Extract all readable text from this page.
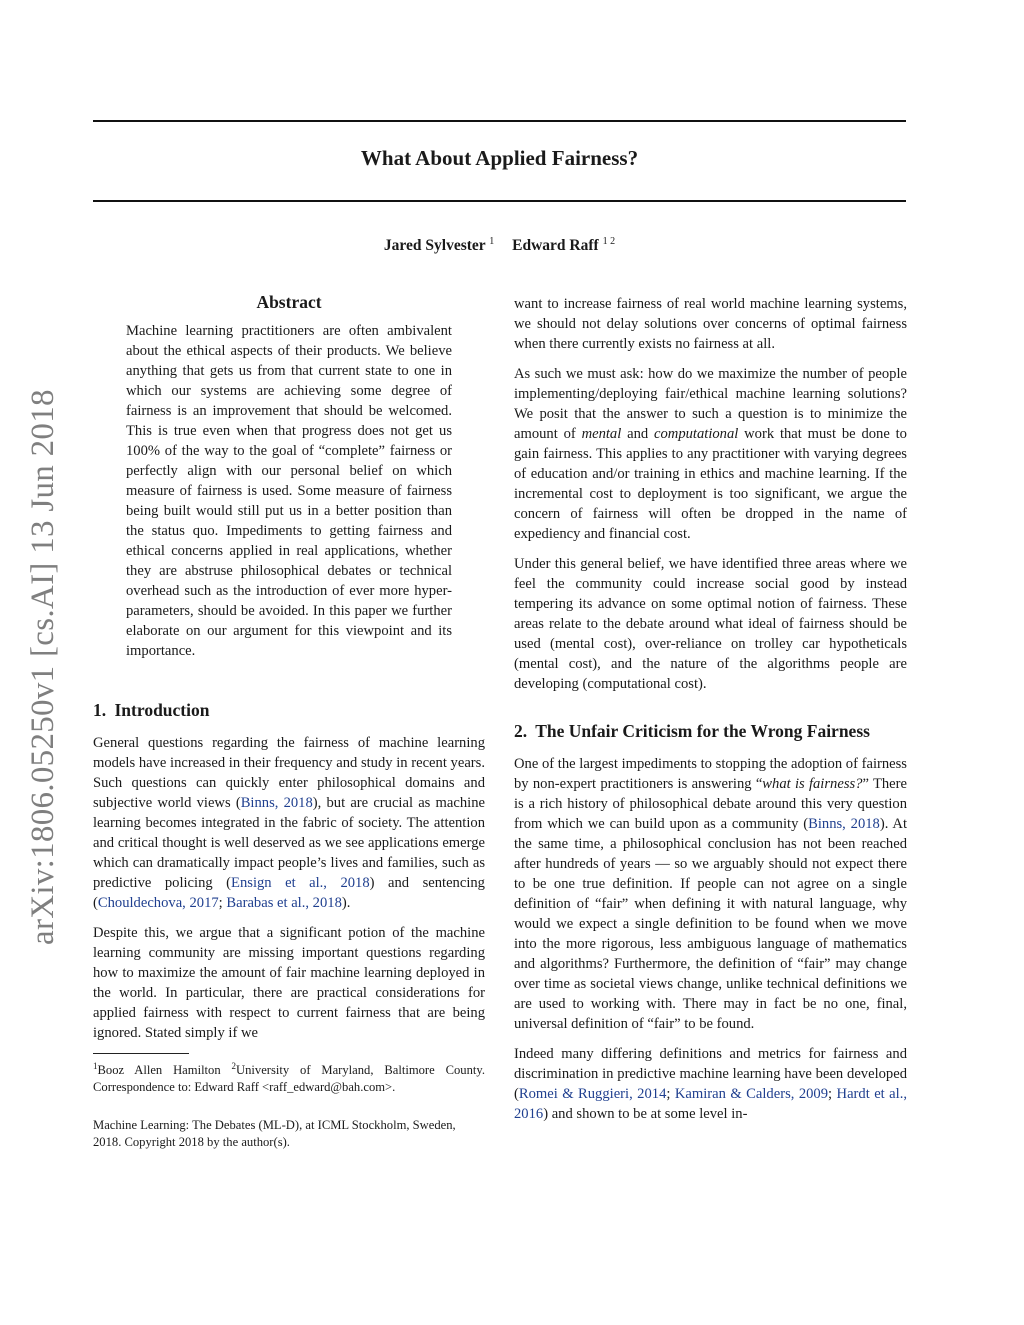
arXiv:1806.05250v1 [cs.AI] 13 Jun 2018
What About Applied Fairness?
Jared Sylvester $^1$ Edward Raff $^{1 2}$
Abstract

Machine learning practitioners are often ambivalent about the ethical aspects of their products. We believe anything that gets us from that current state to one in which our systems are achieving some degree of fairness is an improvement that should be welcomed. This is true even when that progress does not get us 100% of the way to the goal of “complete” fairness or perfectly align with our personal belief on which measure of fairness is used. Some measure of fairness being built would still put us in a better position than the status quo. Impediments to getting fairness and ethical concerns applied in real applications, whether they are abstruse philosophical debates or technical overhead such as the introduction of ever more hyper-parameters, should be avoided. In this paper we further elaborate on our argument for this viewpoint and its importance.

1. Introduction

General questions regarding the fairness of machine learning models have increased in their frequency and study in recent years. Such questions can quickly enter philosophical domains and subjective world views (Binns, 2018), but are crucial as machine learning becomes integrated in the fabric of society. The attention and critical thought is well deserved as we see applications emerge which can dramatically impact people’s lives and families, such as predictive policing (Ensign et al., 2018) and sentencing (Chouldechova, 2017; Barabas et al., 2018).

Despite this, we argue that a significant potion of the machine learning community are missing important questions regarding how to maximize the amount of fair machine learning deployed in the world. In particular, there are practical considerations for applied fairness with respect to current fairness that are being ignored. Stated simply if we

$^1$Booz Allen Hamilton $^2$University of Maryland, Baltimore County. Correspondence to: Edward Raff <raff_edward@bah.com>.
Machine Learning: The Debates (ML-D), at ICML Stockholm, Sweden, 2018. Copyright 2018 by the author(s).

want to increase fairness of real world machine learning systems, we should not delay solutions over concerns of optimal fairness when there currently exists no fairness at all.

As such we must ask: how do we maximize the number of people implementing/deploying fair/ethical machine learning solutions? We posit that the answer to such a question is to minimize the amount of mental and computational work that must be done to gain fairness. This applies to any practitioner with varying degrees of education and/or training in ethics and machine learning. If the incremental cost to deployment is too significant, we argue the concern of fairness will often be dropped in the name of expediency and financial cost.

Under this general belief, we have identified three areas where we feel the community could increase social good by instead tempering its advance on some optimal notion of fairness. These areas relate to the debate around what ideal of fairness should be used (mental cost), over-reliance on trolley car hypotheticals (mental cost), and the nature of the algorithms people are developing (computational cost).

2. The Unfair Criticism for the Wrong Fairness

One of the largest impediments to stopping the adoption of fairness by non-expert practitioners is answering “what is fairness?” There is a rich history of philosophical debate around this very question from which we can build upon as a community (Binns, 2018). At the same time, a philosophical conclusion has not been reached after hundreds of years — so we arguably should not expect there to be one true definition. If people can not agree on a single definition of “fair” when defining it with natural language, why would we expect a single definition to be found when we move into the more rigorous, less ambiguous language of mathematics and algorithms? Furthermore, the definition of “fair” may change over time as societal views change, unlike technical definitions we are used to working with. There may in fact be no one, final, universal definition of “fair” to be found.

Indeed many differing definitions and metrics for fairness and discrimination in predictive machine learning have been developed (Romei & Ruggieri, 2014; Kamiran & Calders, 2009; Hardt et al., 2016) and shown to be at some level in-
